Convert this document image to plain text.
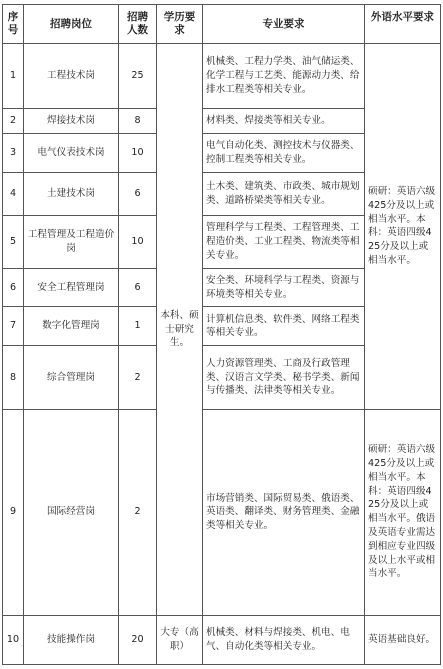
序号	招聘岗位	招聘人数	学历要求	专业要求	外语水平要求
1	工程技术岗	25	本科、硕士研究生。	机械类、工程力学类、油气储运类、化学工程与工艺类、能源动力类、给排水工程类等相关专业。	硕研：英语六级425分及以上或相当水平。本科：英语四级425分及以上或相当水平。
2	焊接技术岗	8		材料类、焊接类等相关专业。	
3	电气仪表技术岗	10		电气自动化类、测控技术与仪器类、控制工程类等相关专业。	
4	土建技术岗	6		土木类、建筑类、市政类、城市规划类、道路桥梁类等相关专业。	
5	工程管理及工程造价岗	10		管理科学与工程类、工程管理类、工程造价类、工业工程类、物流类等相关专业。	
6	安全工程管理岗	6		安全类、环境科学与工程类、资源与环境类等相关专业。	
7	数字化管理岗	1		计算机信息类、软件类、网络工程类等相关专业。	
8	综合管理岗	2		人力资源管理类、工商及行政管理类、汉语言文学类、秘书学类、新闻与传播类、法律类等相关专业。	
9	国际经营岗	2		市场营销类、国际贸易类、俄语类、英语类、翻译类、财务管理类、金融类等相关专业。	硕研：英语六级425分及以上或相当水平。本科：英语四级425分及以上或相当水平。俄语及英语专业需达到相应专业四级及以上水平或相当水平。
10	技能操作岗	20	大专（高职）	机械类、材料与焊接类、机电、电气、自动化类等相关专业。	英语基础良好。
